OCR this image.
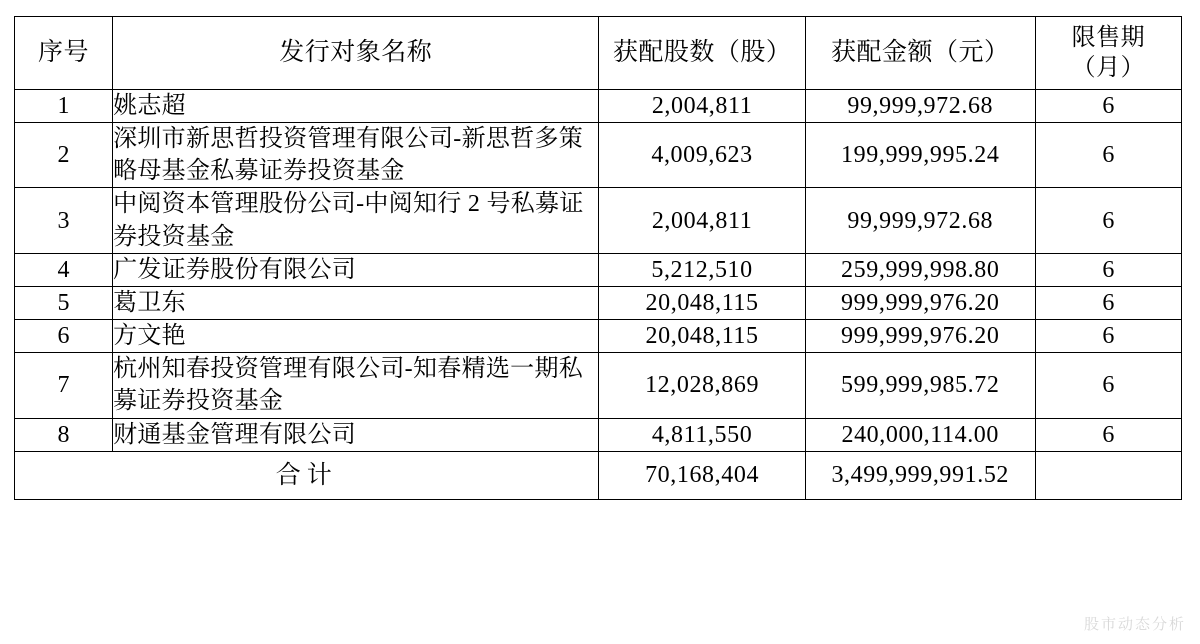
序号	发行对象名称	获配股数（股）	获配金额（元）	限售期
（月）

1	姚志超	2,004,811	99,999,972.68	6
2	深圳市新思哲投资管理有限公司-新思哲多策略母基金私募证券投资基金	4,009,623	199,999,995.24	6
3	中阅资本管理股份公司-中阅知行 2 号私募证券投资基金	2,004,811	99,999,972.68	6
4	广发证券股份有限公司	5,212,510	259,999,998.80	6
5	葛卫东	20,048,115	999,999,976.20	6
6	方文艳	20,048,115	999,999,976.20	6
7	杭州知春投资管理有限公司-知春精选一期私募证券投资基金	12,028,869	599,999,985.72	6
8	财通基金管理有限公司	4,811,550	240,000,114.00	6
合计		70,168,404	3,499,999,991.52	
股市动态分析
